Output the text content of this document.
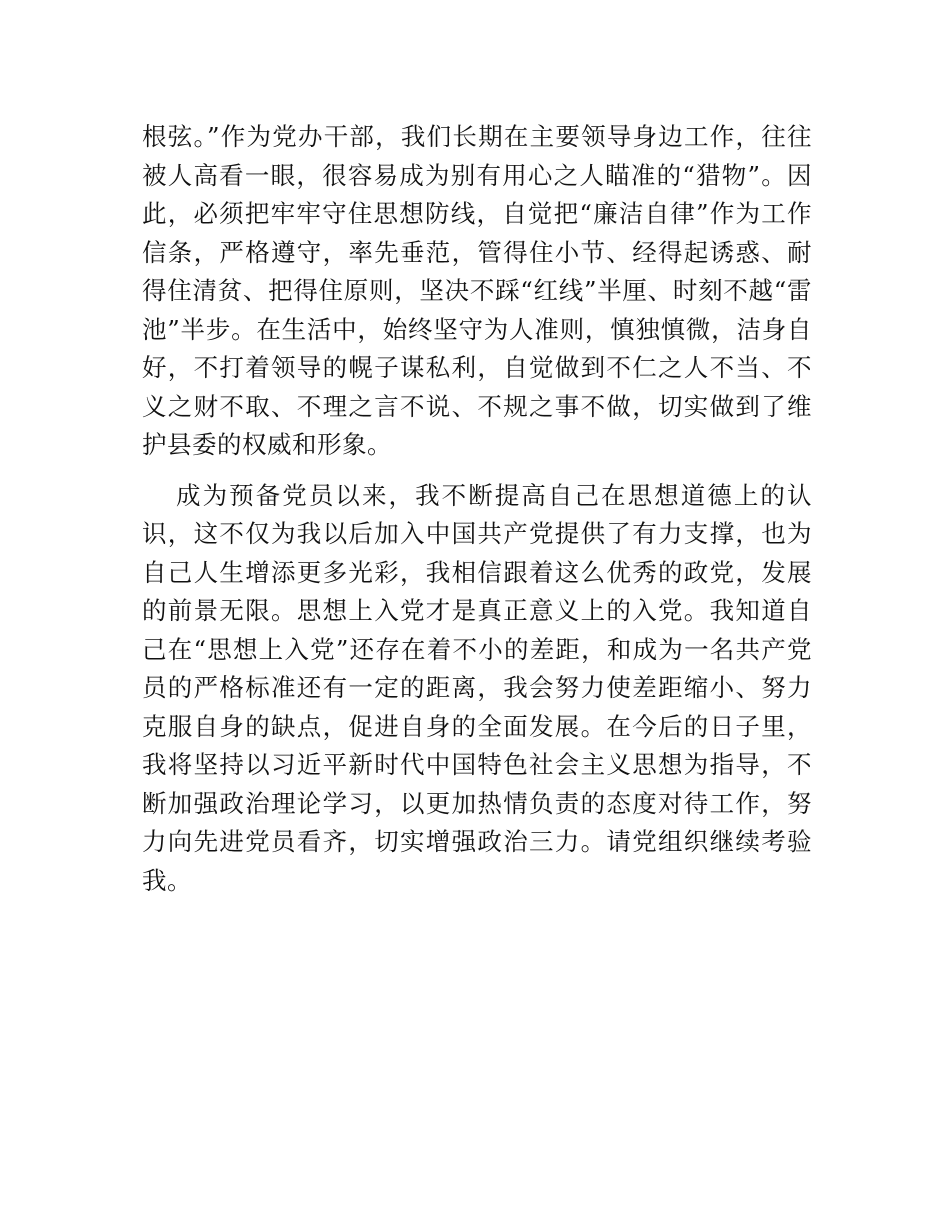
根弦。”作为党办干部，我们长期在主要领导身边工作，往往被人高看一眼，很容易成为别有用心之人瞄准的“猎物”。因此，必须把牢牢守住思想防线，自觉把“廉洁自律”作为工作信条，严格遵守，率先垂范，管得住小节、经得起诱惑、耐得住清贫、把得住原则，坚决不踩“红线”半厘、时刻不越“雷池”半步。在生活中，始终坚守为人准则，慎独慎微，洁身自好，不打着领导的幌子谋私利，自觉做到不仁之人不当、不义之财不取、不理之言不说、不规之事不做，切实做到了维护县委的权威和形象。

成为预备党员以来，我不断提高自己在思想道德上的认识，这不仅为我以后加入中国共产党提供了有力支撑，也为自己人生增添更多光彩，我相信跟着这么优秀的政党，发展的前景无限。思想上入党才是真正意义上的入党。我知道自己在“思想上入党”还存在着不小的差距，和成为一名共产党员的严格标准还有一定的距离，我会努力使差距缩小、努力克服自身的缺点，促进自身的全面发展。在今后的日子里，我将坚持以习近平新时代中国特色社会主义思想为指导，不断加强政治理论学习，以更加热情负责的态度对待工作，努力向先进党员看齐，切实增强政治三力。请党组织继续考验我。
